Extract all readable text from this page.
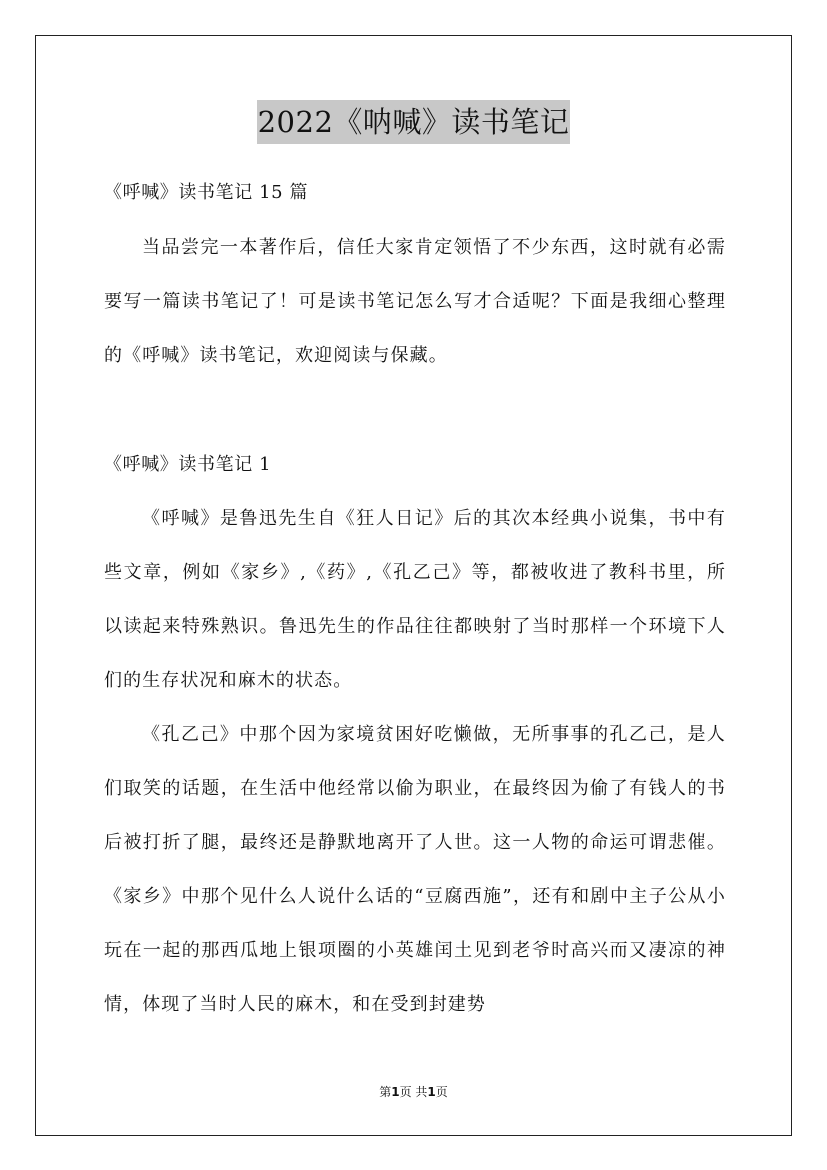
2022《呐喊》读书笔记
《呼喊》读书笔记 15 篇
当品尝完一本著作后，信任大家肯定领悟了不少东西，这时就有必需要写一篇读书笔记了！可是读书笔记怎么写才合适呢？下面是我细心整理的《呼喊》读书笔记，欢迎阅读与保藏。
《呼喊》读书笔记 1
《呼喊》是鲁迅先生自《狂人日记》后的其次本经典小说集，书中有些文章，例如《家乡》,《药》,《孔乙己》等，都被收进了教科书里，所以读起来特殊熟识。鲁迅先生的作品往往都映射了当时那样一个环境下人们的生存状况和麻木的状态。
《孔乙己》中那个因为家境贫困好吃懒做，无所事事的孔乙己，是人们取笑的话题，在生活中他经常以偷为职业，在最终因为偷了有钱人的书后被打折了腿，最终还是静默地离开了人世。这一人物的命运可谓悲催。《家乡》中那个见什么人说什么话的“豆腐西施”，还有和剧中主子公从小玩在一起的那西瓜地上银项圈的小英雄闰土见到老爷时高兴而又凄凉的神情，体现了当时人民的麻木，和在受到封建势
第1页 共1页
